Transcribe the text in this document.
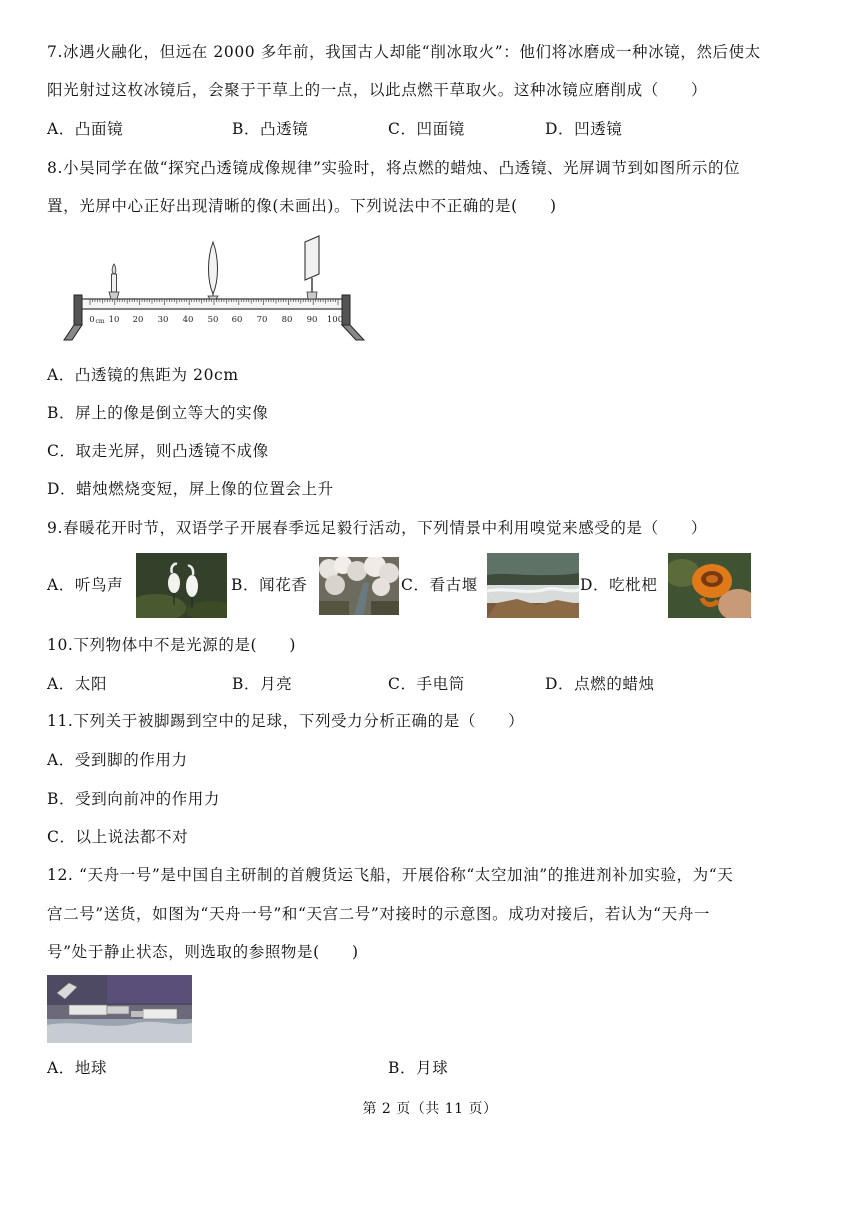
7.冰遇火融化，但远在 2000 多年前，我国古人却能“削冰取火”：他们将冰磨成一种冰镜，然后使太
阳光射过这枚冰镜后，会聚于干草上的一点，以此点燃干草取火。这种冰镜应磨削成（　　）
A．凸面镜	B．凸透镜	C．凹面镜	D．凹透镜
8.小吴同学在做“探究凸透镜成像规律”实验时，将点燃的蜡烛、凸透镜、光屏调节到如图所示的位
置，光屏中心正好出现清晰的像(未画出)。下列说法中不正确的是(　　)
0 cm 10 20 30 40 50 60 70 80 90 100
A．凸透镜的焦距为 20cm
B．屏上的像是倒立等大的实像
C．取走光屏，则凸透镜不成像
D．蜡烛燃烧变短，屏上像的位置会上升
9.春暖花开时节，双语学子开展春季远足毅行活动，下列情景中利用嗅觉来感受的是（　　）
A．听鸟声	B．闻花香	C．看古堰	D．吃枇杷
10.下列物体中不是光源的是(　　)
A．太阳	B．月亮	C．手电筒	D．点燃的蜡烛
11.下列关于被脚踢到空中的足球，下列受力分析正确的是（　　）
A．受到脚的作用力
B．受到向前冲的作用力
C．以上说法都不对
12. “天舟一号”是中国自主研制的首艘货运飞船，开展俗称“太空加油”的推进剂补加实验，为“天
宫二号”送货，如图为“天舟一号”和“天宫二号”对接时的示意图。成功对接后，若认为“天舟一
号”处于静止状态，则选取的参照物是(　　)
A．地球	B．月球
第 2 页（共 11 页）
